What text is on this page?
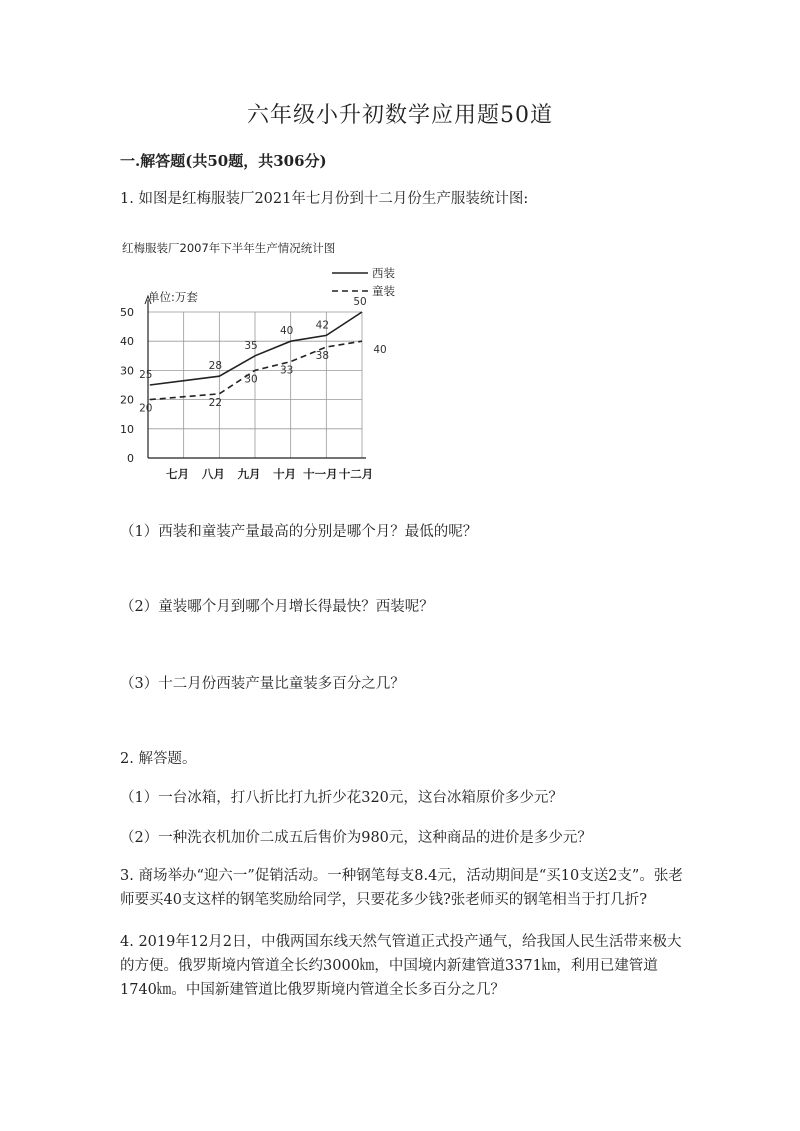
六年级小升初数学应用题50道
一.解答题(共50题，共306分)
1. 如图是红梅服装厂2021年七月份到十二月份生产服装统计图:
红梅服装厂2007年下半年生产情况统计图
单位:万套
0
10
20
30
40
50
七月 八月 九月 十月 十一月 十二月
25
28
35
40 42
50
20	22
30
33
38	40
西装
童装
（1）西装和童装产量最高的分别是哪个月？最低的呢？
（2）童装哪个月到哪个月增长得最快？西装呢？
（3）十二月份西装产量比童装多百分之几？
2. 解答题。
（1）一台冰箱，打八折比打九折少花320元，这台冰箱原价多少元？
（2）一种洗衣机加价二成五后售价为980元，这种商品的进价是多少元？
3. 商场举办“迎六一”促销活动。一种钢笔每支8.4元，活动期间是“买10支送2支”。张老师要买40支这样的钢笔奖励给同学，只要花多少钱?张老师买的钢笔相当于打几折?
4. 2019年12月2日，中俄两国东线天然气管道正式投产通气，给我国人民生活带来极大的方便。俄罗斯境内管道全长约3000㎞，中国境内新建管道3371㎞，利用已建管道1740㎞。中国新建管道比俄罗斯境内管道全长多百分之几？
